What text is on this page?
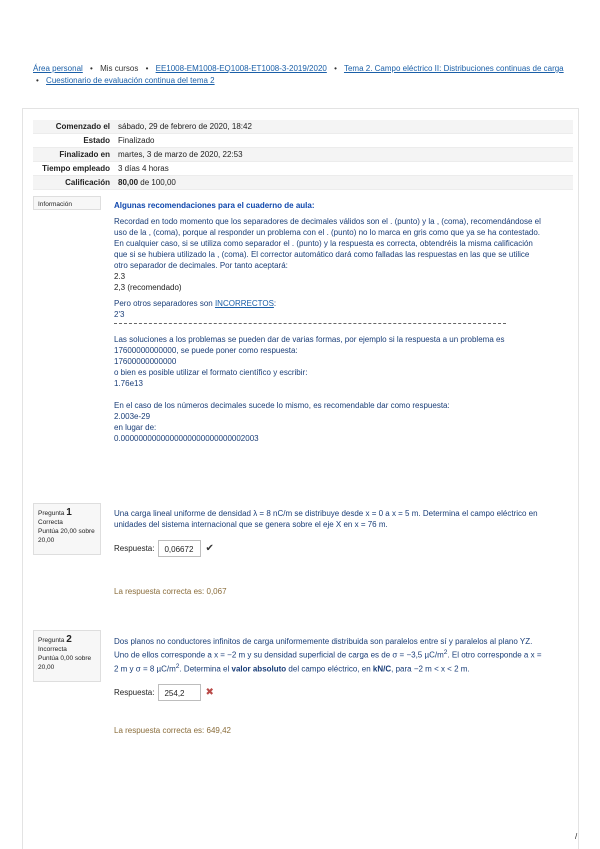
Área personal • Mis cursos • EE1008-EM1008-EQ1008-ET1008-3-2019/2020 • Tema 2. Campo eléctrico II: Distribuciones continuas de carga
• Cuestionario de evaluación continua del tema 2
Comenzado el	sábado, 29 de febrero de 2020, 18:42
Estado	Finalizado
Finalizado en	martes, 3 de marzo de 2020, 22:53
Tiempo empleado	3 días 4 horas
Calificación	80,00 de 100,00
Información	Algunas recomendaciones para el cuaderno de aula:
Recordad en todo momento que los separadores de decimales válidos son el . (punto) y la , (coma), recomendándose el uso de la , (coma), porque al responder un problema con el . (punto) no lo marca en gris como que ya se ha contestado. En cualquier caso, si se utiliza como separador el . (punto) y la respuesta es correcta, obtendréis la misma calificación que si se hubiera utilizado la , (coma). El corrector automático dará como falladas las respuestas en las que se utilice otro separador de decimales. Por tanto aceptará:
2.3
2,3 (recomendado)
Pero otros separadores son INCORRECTOS:
2'3
Las soluciones a los problemas se pueden dar de varias formas, por ejemplo si la respuesta a un problema es 17600000000000, se puede poner como respuesta:
17600000000000
o bien es posible utilizar el formato científico y escribir:
1.76e13
En el caso de los números decimales sucede lo mismo, es recomendable dar como respuesta:
2.003e-29
en lugar de:
0.0000000000000000000000000002003
Pregunta 1
Correcta
Puntúa 20,00 sobre 20,00
Una carga lineal uniforme de densidad λ = 8 nC/m se distribuye desde x = 0 a x = 5 m. Determina el campo eléctrico en unidades del sistema internacional que se genera sobre el eje X en x = 76 m.
Respuesta:	0,06672	✔
La respuesta correcta es: 0,067
Pregunta 2
Incorrecta
Puntúa 0,00 sobre 20,00
Dos planos no conductores infinitos de carga uniformemente distribuida son paralelos entre sí y paralelos al plano YZ. Uno de ellos corresponde a x = −2 m y su densidad superficial de carga es de σ = −3,5 $\mu C/m^2$. El otro corresponde a x = 2 m y σ = 8 $\mu C/m^2$. Determina el valor absoluto del campo eléctrico, en kN/C, para −2 m < x < 2 m.
Respuesta:	254,2	✖
La respuesta correcta es: 649,42
/
